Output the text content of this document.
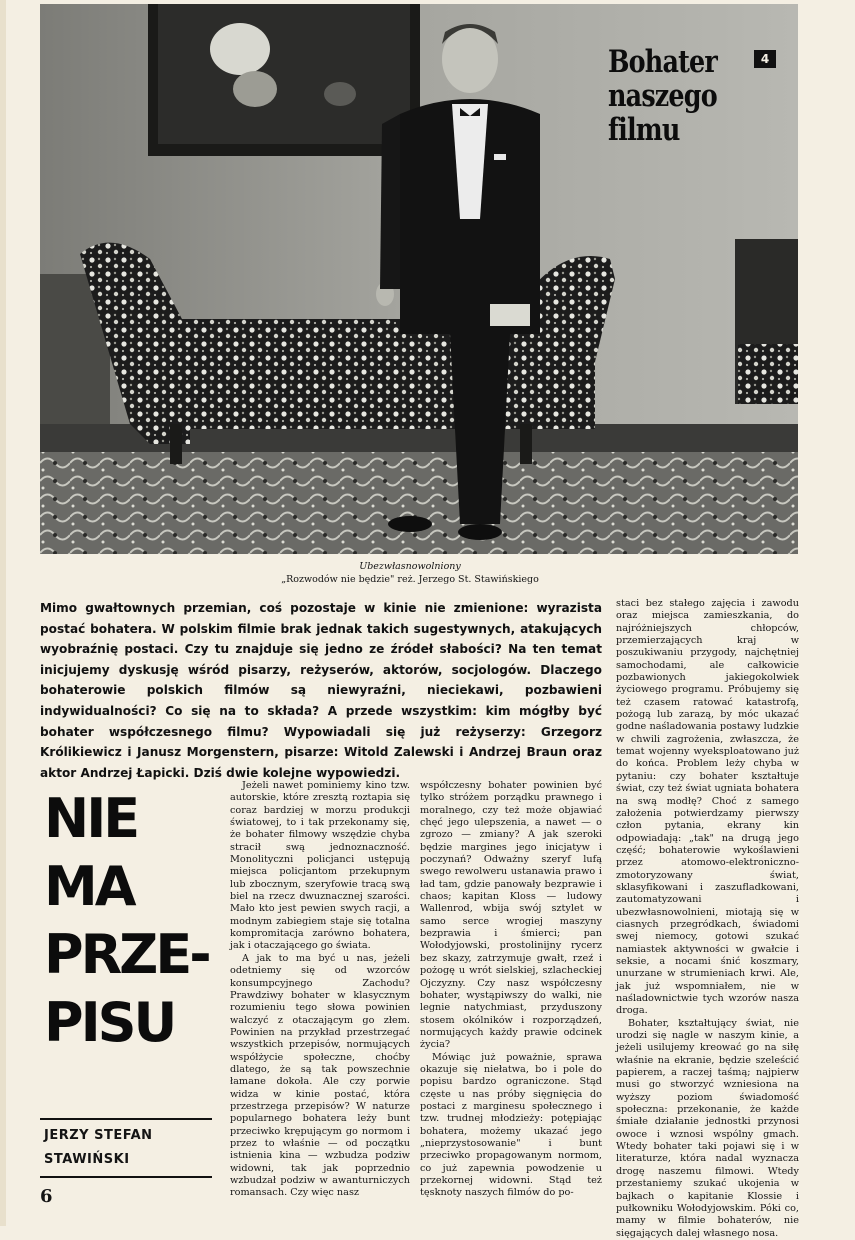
Bohater
naszego filmu
4
Ubezwłasnowolniony
„Rozwodów nie będzie" reż. Jerzego St. Stawińskiego
Mimo gwałtownych przemian, coś pozostaje w kinie nie zmienione: wyrazista postać bohatera. W polskim filmie brak jednak takich sugestywnych, atakujących wyobraźnię postaci. Czy tu znajduje się jedno ze źródeł słabości? Na ten temat inicjujemy dyskusję wśród pisarzy, reżyserów, aktorów, socjologów. Dlaczego bohaterowie polskich filmów są niewyraźni, nieciekawi, pozbawieni indywidualności? Co się na to składa? A przede wszystkim: kim mógłby być bohater współczesnego filmu? Wypowiadali się już reżyserzy: Grzegorz Królikiewicz i Janusz Morgenstern, pisarze: Witold Zalewski i Andrzej Braun oraz aktor Andrzej Łapicki. Dziś dwie kolejne wypowiedzi.
NIE
MA
PRZE-
PISU
JERZY STEFAN
STAWIŃSKI
6

Jeżeli nawet pominiemy kino tzw. autorskie, które zresztą roztapia się coraz bardziej w morzu produkcji światowej, to i tak przekonamy się, że bohater filmowy wszędzie chyba stracił swą jednoznaczność. Monolityczni policjanci ustępują miejsca policjantom przekupnym lub zbocznym, szeryfowie tracą swą biel na rzecz dwuznacznej szarości. Mało kto jest pewien swych racji, a modnym zabiegiem staje się totalna kompromitacja zarówno bohatera, jak i otaczającego go świata.

A jak to ma być u nas, jeżeli odetniemy się od wzorców konsumpcyjnego Zachodu? Prawdziwy bohater w klasycznym rozumieniu tego słowa powinien walczyć z otaczającym go złem. Powinien na przykład przestrzegać wszystkich przepisów, normujących współżycie społeczne, choćby dlatego, że są tak powszechnie łamane dokoła. Ale czy porwie widza w kinie postać, która przestrzega przepisów? W naturze popularnego bohatera leży bunt przeciwko krępującym go normom i przez to właśnie — od początku istnienia kina — wzbudza podziw widowni, tak jak poprzednio wzbudzał podziw w awanturniczych romansach. Czy więc nasz

współczesny bohater powinien być tylko stróżem porządku prawnego i moralnego, czy też może objawiać chęć jego ulepszenia, a nawet — o zgrozo — zmiany? A jak szeroki będzie margines jego inicjatyw i poczynań? Odważny szeryf lufą swego rewolweru ustanawia prawo i ład tam, gdzie panowały bezprawie i chaos; kapitan Kloss — ludowy Wallenrod, wbija swój sztylet w samo serce wrogiej maszyny bezprawia i śmierci; pan Wołodyjowski, prostolinijny rycerz bez skazy, zatrzymuje gwałt, rzeź i pożogę u wrót sielskiej, szlacheckiej Ojczyzny. Czy nasz współczesny bohater, wystąpiwszy do walki, nie legnie natychmiast, przyduszony stosem okólników i rozporządzeń, normujących każdy prawie odcinek życia?

Mówiąc już poważnie, sprawa okazuje się niełatwa, bo i pole do popisu bardzo ograniczone. Stąd częste u nas próby sięgnięcia do postaci z marginesu społecznego i tzw. trudnej młodzieży: potępiając bohatera, możemy ukazać jego „nieprzystosowanie" i bunt przeciwko propagowanym normom, co już zapewnia powodzenie u przekornej widowni. Stąd też tęsknoty naszych filmów do po-

staci bez stałego zajęcia i zawodu oraz miejsca zamieszkania, do najróżniejszych chłopców, przemierzających kraj w poszukiwaniu przygody, najchętniej samochodami, ale całkowicie pozbawionych jakiegokolwiek życiowego programu. Próbujemy się też czasem ratować katastrofą, pożogą lub zarazą, by móc ukazać godne naśladowania postawy ludzkie w chwili zagrożenia, zwłaszcza, że temat wojenny wyeksploatowano już do końca. Problem leży chyba w pytaniu: czy bohater kształtuje świat, czy też świat ugniata bohatera na swą modłę? Choć z samego założenia potwierdzamy pierwszy człon pytania, ekrany kin odpowiadają: „tak" na drugą jego część; bohaterowie wykoślawieni przez atomowo-elektroniczno-zmotoryzowany świat, sklasyfikowani i zaszufladkowani, zautomatyzowani i ubezwłasnowolnieni, miotają się w ciasnych przegródkach, świadomi swej niemocy, gotowi szukać namiastek aktywności w gwałcie i seksie, a nocami śnić koszmary, unurzane w strumieniach krwi. Ale, jak już wspomniałem, nie w naśladownictwie tych wzorów nasza droga.

Bohater, kształtujący świat, nie urodzi się nagle w naszym kinie, a jeżeli usilujemy kreować go na siłę właśnie na ekranie, będzie szeleścić papierem, a raczej taśmą; najpierw musi go stworzyć wzniesiona na wyższy poziom świadomość społeczna: przekonanie, że każde śmiałe działanie jednostki przynosi owoce i wznosi wspólny gmach. Wtedy bohater taki pojawi się i w literaturze, która nadal wyznacza drogę naszemu filmowi. Wtedy przestaniemy szukać ukojenia w bajkach o kapitanie Klossie i pułkowniku Wołodyjowskim. Póki co, mamy w filmie bohaterów, nie sięgających dalej własnego nosa.
